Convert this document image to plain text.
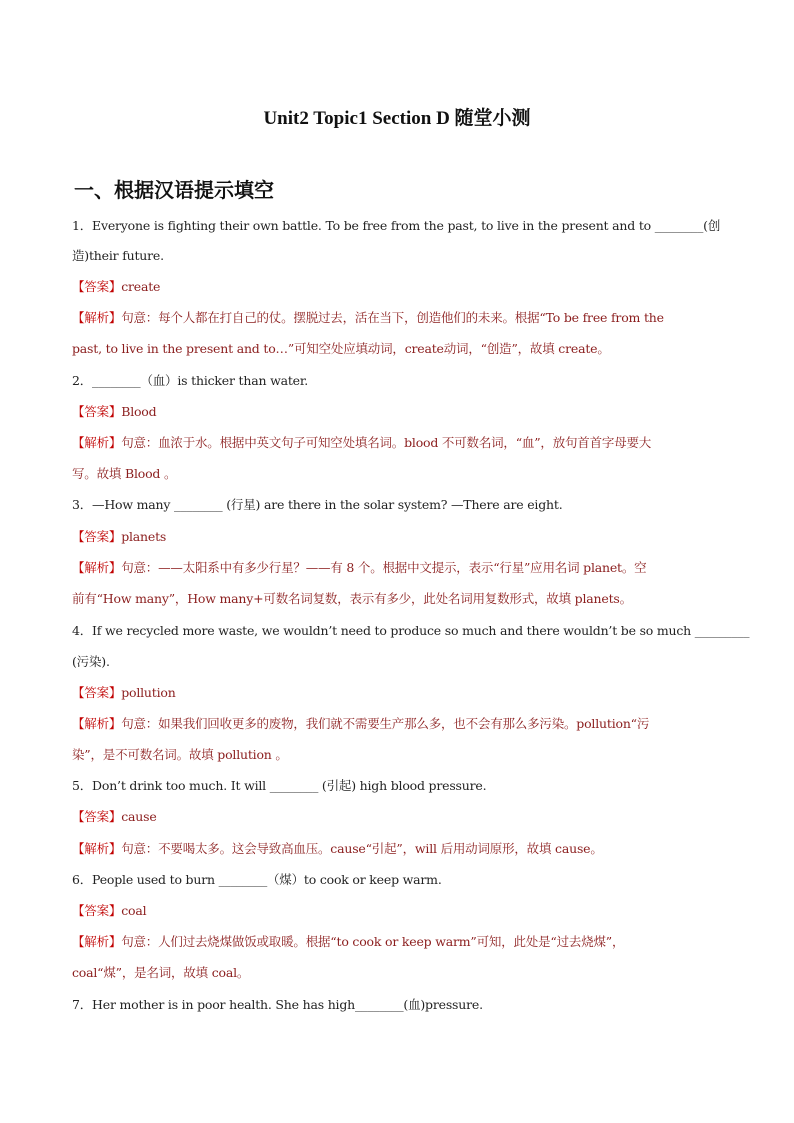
Unit2 Topic1 Section D 随堂小测
一、根据汉语提示填空
1．Everyone is fighting their own battle. To be free from the past, to live in the present and to ________(创
造)their future.
【答案】create
【解析】句意：每个人都在打自己的仗。摆脱过去，活在当下，创造他们的未来。根据“To be free from the
past, to live in the present and to…”可知空处应填动词，create动词，“创造”，故填 create。
2．________（血）is thicker than water.
【答案】Blood
【解析】句意：血浓于水。根据中英文句子可知空处填名词。blood 不可数名词，“血”，放句首首字母要大
写。故填 Blood 。
3．—How many ________ (行星) are there in the solar system? —There are eight.
【答案】planets
【解析】句意：——太阳系中有多少行星？——有 8 个。根据中文提示，表示“行星”应用名词 planet。空
前有“How many”，How many+可数名词复数，表示有多少，此处名词用复数形式，故填 planets。
4．If we recycled more waste, we wouldn’t need to produce so much and there wouldn’t be so much _________
(污染).
【答案】pollution
【解析】句意：如果我们回收更多的废物，我们就不需要生产那么多，也不会有那么多污染。pollution“污
染”，是不可数名词。故填 pollution 。
5．Don’t drink too much. It will ________ (引起) high blood pressure.
【答案】cause
【解析】句意：不要喝太多。这会导致高血压。cause“引起”，will 后用动词原形，故填 cause。
6．People used to burn ________（煤）to cook or keep warm.
【答案】coal
【解析】句意：人们过去烧煤做饭或取暖。根据“to cook or keep warm”可知，此处是“过去烧煤”，
coal“煤”，是名词，故填 coal。
7．Her mother is in poor health. She has high________(血)pressure.
